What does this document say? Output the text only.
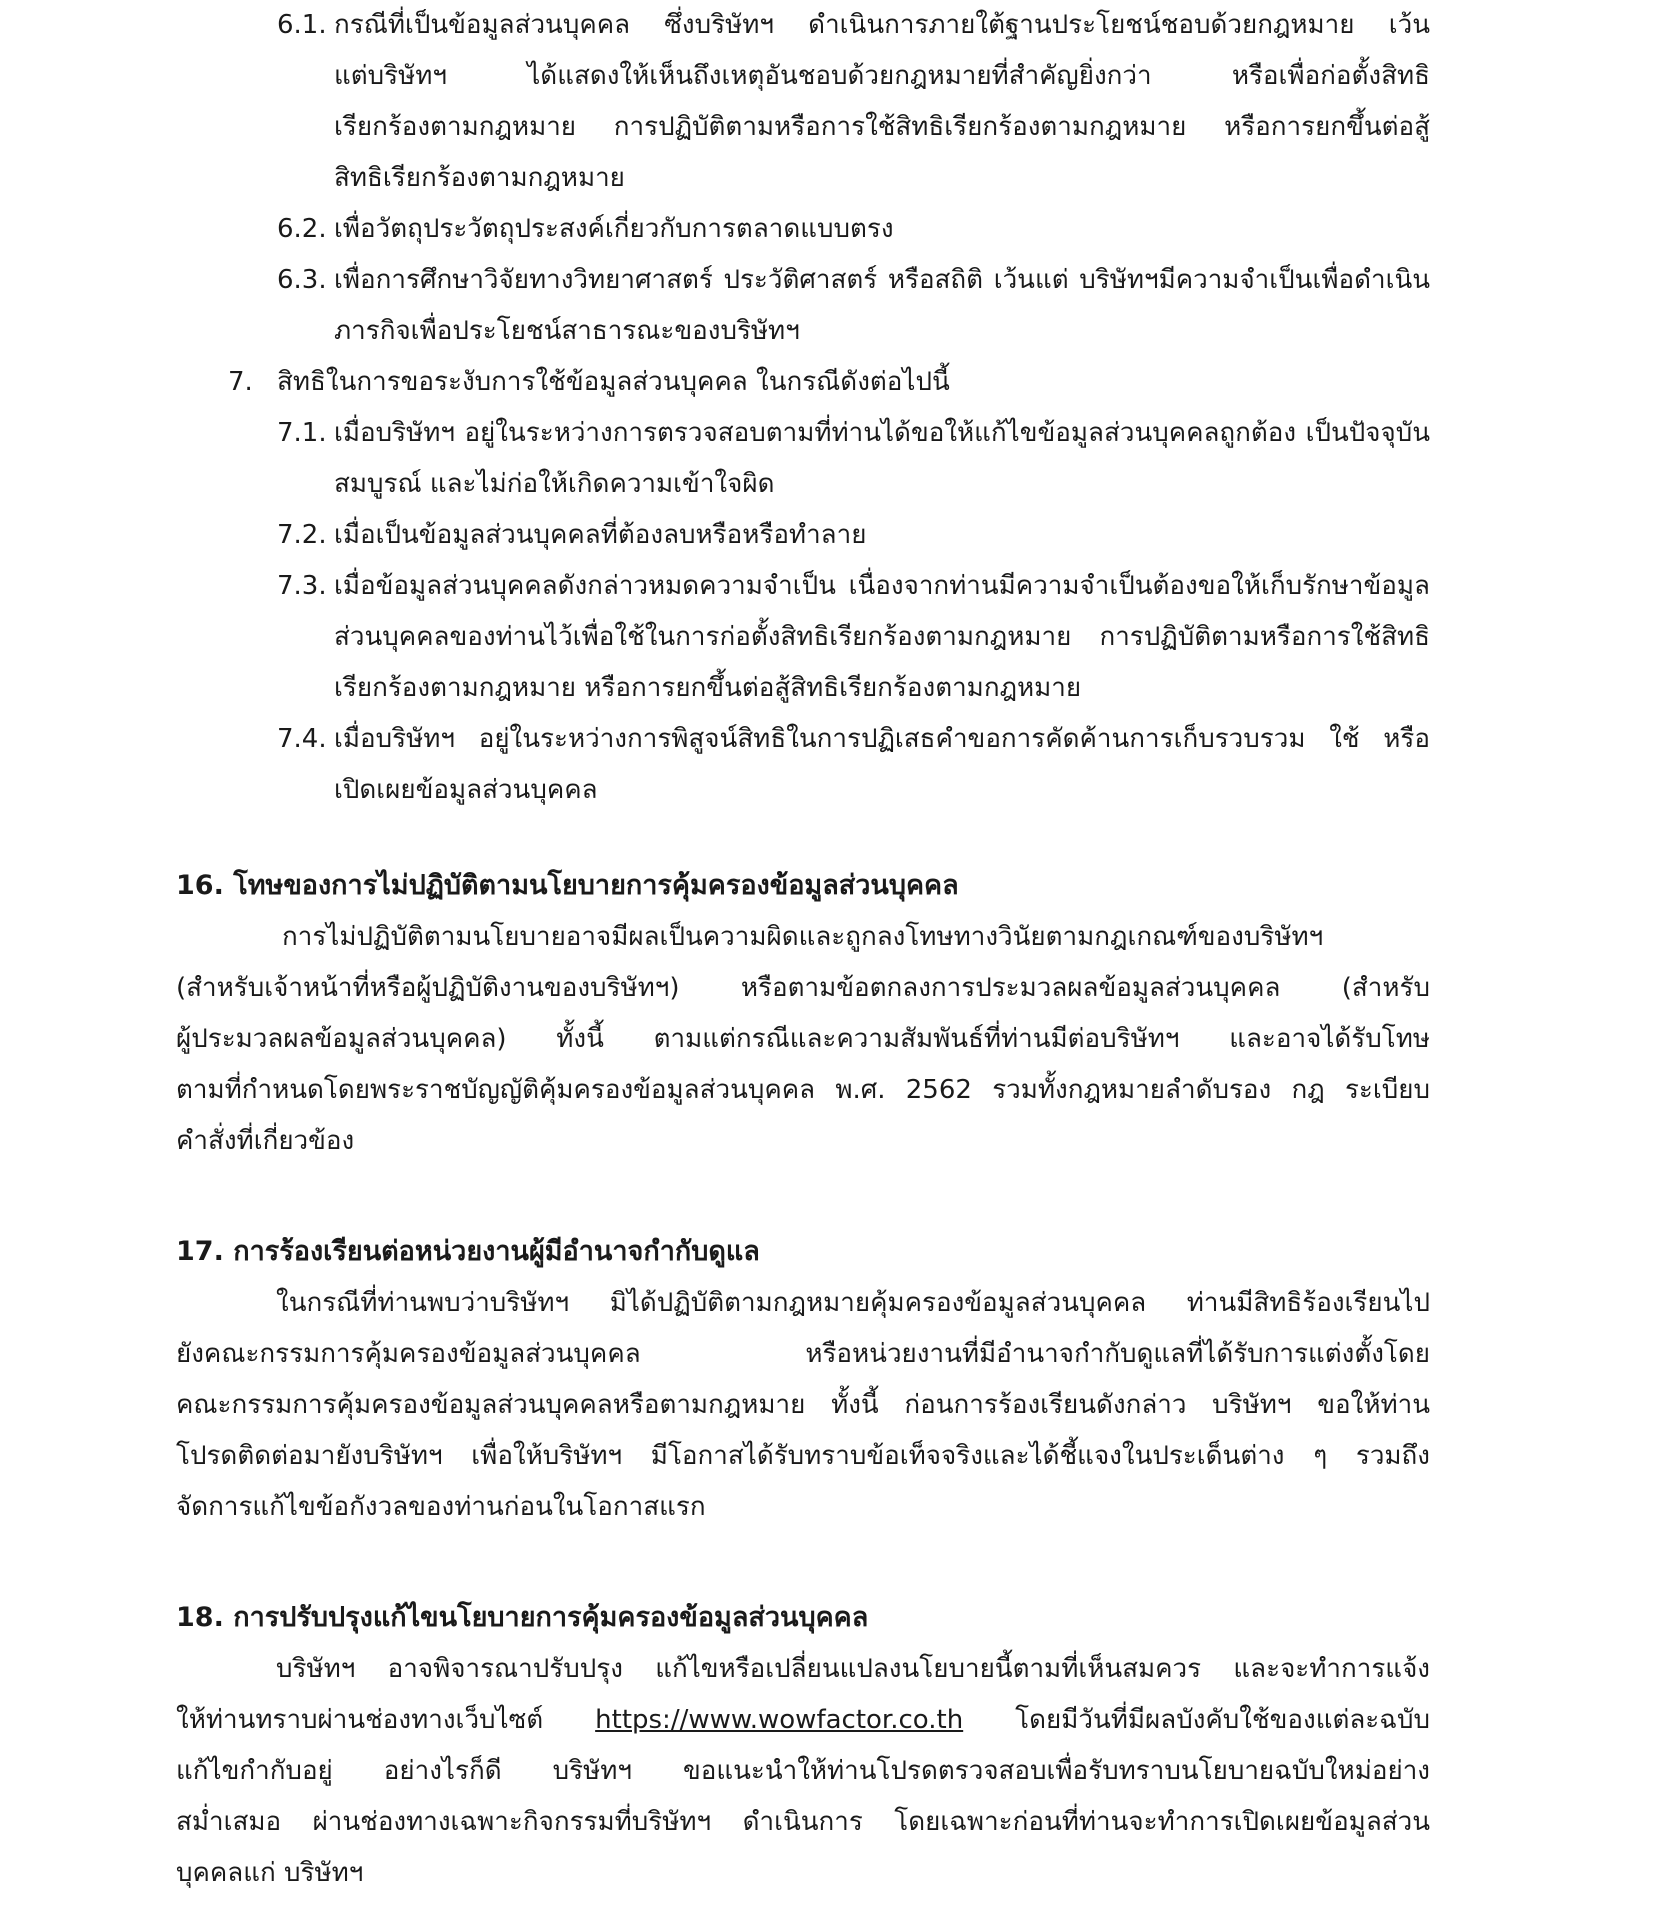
6.1. กรณีที่เป็นข้อมูลส่วนบุคคล ซึ่งบริษัทฯ ดำเนินการภายใต้ฐานประโยชน์ชอบด้วยกฎหมาย เว้น
แต่บริษัทฯ ได้แสดงให้เห็นถึงเหตุอันชอบด้วยกฎหมายที่สำคัญยิ่งกว่า หรือเพื่อก่อตั้งสิทธิ
เรียกร้องตามกฎหมาย การปฏิบัติตามหรือการใช้สิทธิเรียกร้องตามกฎหมาย หรือการยกขึ้นต่อสู้
สิทธิเรียกร้องตามกฎหมาย
6.2. เพื่อวัตถุประวัตถุประสงค์เกี่ยวกับการตลาดแบบตรง
6.3. เพื่อการศึกษาวิจัยทางวิทยาศาสตร์ ประวัติศาสตร์ หรือสถิติ เว้นแต่ บริษัทฯมีความจำเป็นเพื่อดำเนิน
ภารกิจเพื่อประโยชน์สาธารณะของบริษัทฯ
7. สิทธิในการขอระงับการใช้ข้อมูลส่วนบุคคล ในกรณีดังต่อไปนี้
7.1. เมื่อบริษัทฯ อยู่ในระหว่างการตรวจสอบตามที่ท่านได้ขอให้แก้ไขข้อมูลส่วนบุคคลถูกต้อง เป็นปัจจุบัน
สมบูรณ์ และไม่ก่อให้เกิดความเข้าใจผิด
7.2. เมื่อเป็นข้อมูลส่วนบุคคลที่ต้องลบหรือหรือทำลาย
7.3. เมื่อข้อมูลส่วนบุคคลดังกล่าวหมดความจำเป็น เนื่องจากท่านมีความจำเป็นต้องขอให้เก็บรักษาข้อมูล
ส่วนบุคคลของท่านไว้เพื่อใช้ในการก่อตั้งสิทธิเรียกร้องตามกฎหมาย การปฏิบัติตามหรือการใช้สิทธิ
เรียกร้องตามกฎหมาย หรือการยกขึ้นต่อสู้สิทธิเรียกร้องตามกฎหมาย
7.4. เมื่อบริษัทฯ อยู่ในระหว่างการพิสูจน์สิทธิในการปฏิเสธคำขอการคัดค้านการเก็บรวบรวม ใช้ หรือ
เปิดเผยข้อมูลส่วนบุคคล
16. โทษของการไม่ปฏิบัติตามนโยบายการคุ้มครองข้อมูลส่วนบุคคล
การไม่ปฏิบัติตามนโยบายอาจมีผลเป็นความผิดและถูกลงโทษทางวินัยตามกฎเกณฑ์ของบริษัทฯ
(สำหรับเจ้าหน้าที่หรือผู้ปฏิบัติงานของบริษัทฯ) หรือตามข้อตกลงการประมวลผลข้อมูลส่วนบุคคล (สำหรับ
ผู้ประมวลผลข้อมูลส่วนบุคคล) ทั้งนี้ ตามแต่กรณีและความสัมพันธ์ที่ท่านมีต่อบริษัทฯ และอาจได้รับโทษ
ตามที่กำหนดโดยพระราชบัญญัติคุ้มครองข้อมูลส่วนบุคคล พ.ศ. 2562 รวมทั้งกฎหมายลำดับรอง กฎ ระเบียบ
คำสั่งที่เกี่ยวข้อง
17. การร้องเรียนต่อหน่วยงานผู้มีอำนาจกำกับดูแล
ในกรณีที่ท่านพบว่าบริษัทฯ มิได้ปฏิบัติตามกฎหมายคุ้มครองข้อมูลส่วนบุคคล ท่านมีสิทธิร้องเรียนไป
ยังคณะกรรมการคุ้มครองข้อมูลส่วนบุคคล หรือหน่วยงานที่มีอำนาจกำกับดูแลที่ได้รับการแต่งตั้งโดย
คณะกรรมการคุ้มครองข้อมูลส่วนบุคคลหรือตามกฎหมาย ทั้งนี้ ก่อนการร้องเรียนดังกล่าว บริษัทฯ ขอให้ท่าน
โปรดติดต่อมายังบริษัทฯ เพื่อให้บริษัทฯ มีโอกาสได้รับทราบข้อเท็จจริงและได้ชี้แจงในประเด็นต่าง ๆ รวมถึง
จัดการแก้ไขข้อกังวลของท่านก่อนในโอกาสแรก
18. การปรับปรุงแก้ไขนโยบายการคุ้มครองข้อมูลส่วนบุคคล
บริษัทฯ อาจพิจารณาปรับปรุง แก้ไขหรือเปลี่ยนแปลงนโยบายนี้ตามที่เห็นสมควร และจะทำการแจ้ง
ให้ท่านทราบผ่านช่องทางเว็บไซต์ https://www.wowfactor.co.th โดยมีวันที่มีผลบังคับใช้ของแต่ละฉบับ
แก้ไขกำกับอยู่ อย่างไรก็ดี บริษัทฯ ขอแนะนำให้ท่านโปรดตรวจสอบเพื่อรับทราบนโยบายฉบับใหม่อย่าง
สม่ำเสมอ ผ่านช่องทางเฉพาะกิจกรรมที่บริษัทฯ ดำเนินการ โดยเฉพาะก่อนที่ท่านจะทำการเปิดเผยข้อมูลส่วน
บุคคลแก่ บริษัทฯ
